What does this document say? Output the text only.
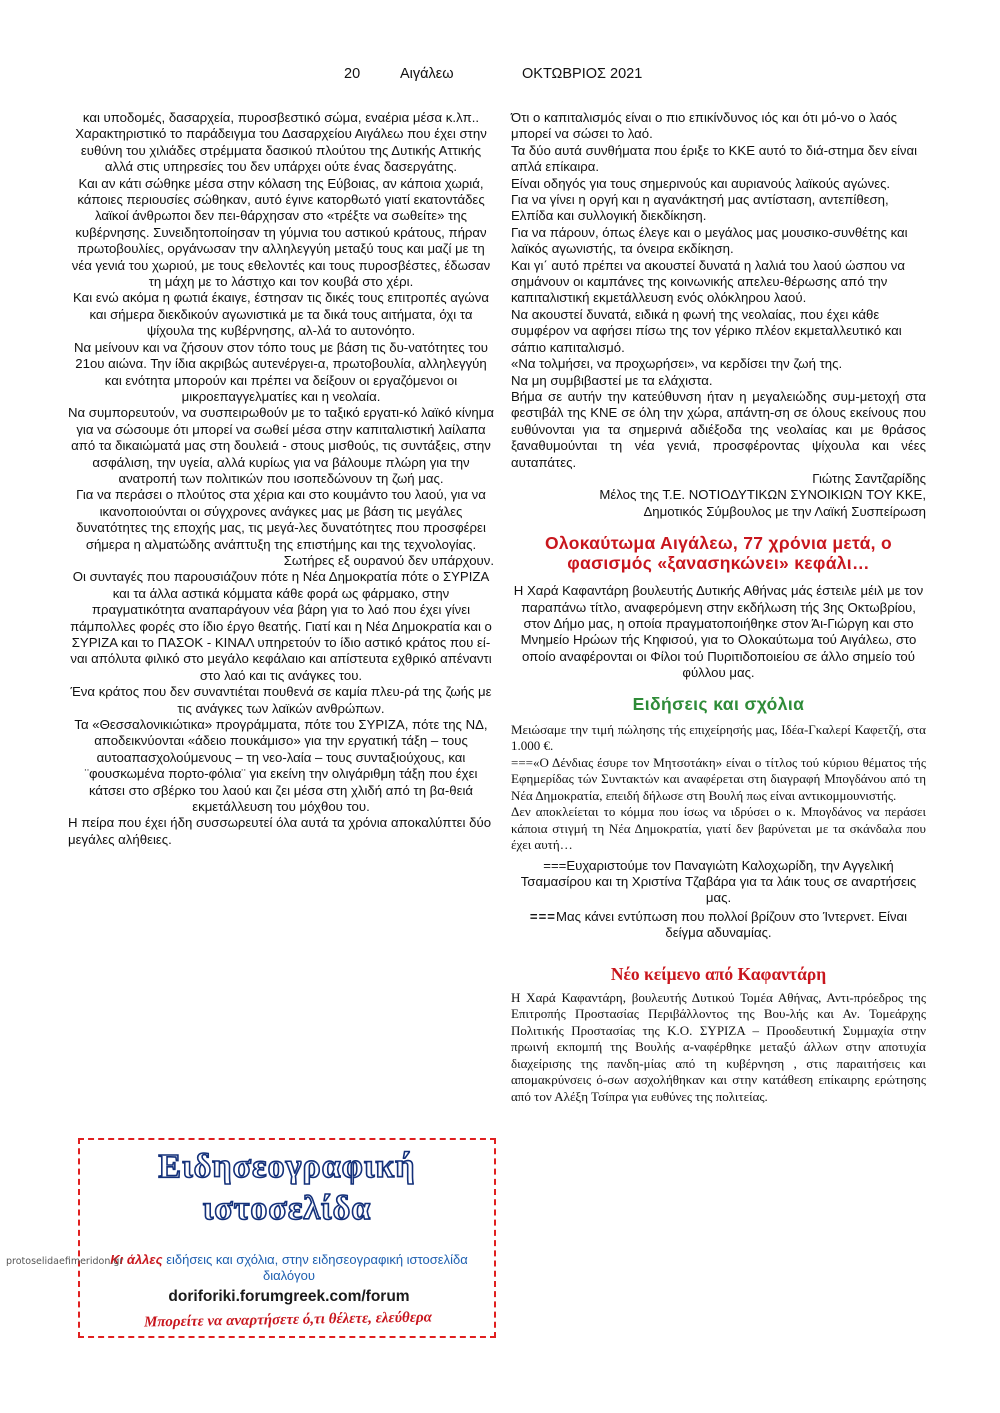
20	Αιγάλεω	ΟΚΤΩΒΡΙΟΣ 2021

και υποδομές, δασαρχεία, πυροσβεστικό σώμα, εναέρια μέσα κ.λπ..

Χαρακτηριστικό το παράδειγμα του Δασαρχείου Αιγάλεω που έχει στην ευθύνη του χιλιάδες στρέμματα δασικού πλούτου της Δυτικής Αττικής αλλά στις υπηρεσίες του δεν υπάρχει ούτε ένας δασεργάτης.

Και αν κάτι σώθηκε μέσα στην κόλαση της Εύβοιας, αν κάποια χωριά, κάποιες περιουσίες σώθηκαν, αυτό έγινε κατορθωτό γιατί εκατοντάδες λαϊκοί άνθρωποι δεν πει-θάρχησαν στο «τρέξτε να σωθείτε» της κυβέρνησης. Συνειδητοποίησαν τη γύμνια του αστικού κράτους, πήραν πρωτοβουλίες, οργάνωσαν την αλληλεγγύη μεταξύ τους και μαζί με τη νέα γενιά του χωριού, με τους εθελοντές και τους πυροσβέστες, έδωσαν τη μάχη με το λάστιχο και τον κουβά στο χέρι.

Και ενώ ακόμα η φωτιά έκαιγε, έστησαν τις δικές τους επιτροπές αγώνα και σήμερα διεκδικούν αγωνιστικά με τα δικά τους αιτήματα, όχι τα ψίχουλα της κυβέρνησης, αλ-λά το αυτονόητο.

Να μείνουν και να ζήσουν στον τόπο τους με βάση τις δυ-νατότητες του 21ου αιώνα. Την ίδια ακριβώς αυτενέργει-α, πρωτοβουλία, αλληλεγγύη και ενότητα μπορούν και πρέπει να δείξουν οι εργαζόμενοι οι μικροεπαγγελματίες και η νεολαία.

Να συμπορευτούν, να συσπειρωθούν με το ταξικό εργατι-κό λαϊκό κίνημα για να σώσουμε ότι μπορεί να σωθεί μέσα στην καπιταλιστική λαίλαπα από τα δικαιώματά μας στη δουλειά - στους μισθούς, τις συντάξεις, στην ασφάλιση, την υγεία, αλλά κυρίως για να βάλουμε πλώρη για την ανατροπή των πολιτικών που ισοπεδώνουν τη ζωή μας.

Για να περάσει ο πλούτος στα χέρια και στο κουμάντο του λαού, για να ικανοποιούνται οι σύγχρονες ανάγκες μας με βάση τις μεγάλες δυνατότητες της εποχής μας, τις μεγά-λες δυνατότητες που προσφέρει σήμερα η αλματώδης ανάπτυξη της επιστήμης και της τεχνολογίας.

Σωτήρες εξ ουρανού δεν υπάρχουν.

Οι συνταγές που παρουσιάζουν πότε η Νέα Δημοκρατία πότε ο ΣΥΡΙΖΑ και τα άλλα αστικά κόμματα κάθε φορά ως φάρμακο, στην πραγματικότητα αναπαράγουν νέα βάρη για το λαό που έχει γίνει πάμπολλες φορές στο ίδιο έργο θεατής. Γιατί και η Νέα Δημοκρατία και ο ΣΥΡΙΖΑ και το ΠΑΣΟΚ - ΚΙΝΑΛ υπηρετούν το ίδιο αστικό κράτος που εί-ναι απόλυτα φιλικό στο μεγάλο κεφάλαιο και απίστευτα εχθρικό απέναντι στο λαό και τις ανάγκες του.

Ένα κράτος που δεν συναντιέται πουθενά σε καμία πλευ-ρά της ζωής με τις ανάγκες των λαϊκών ανθρώπων.

Τα «Θεσσαλονικιώτικα» προγράμματα, πότε του ΣΥΡΙΖΑ, πότε της ΝΔ, αποδεικνύονται «άδειο πουκάμισο» για την εργατική τάξη – τους αυτοαπασχολούμενους – τη νεο-λαία – τους συνταξιούχους, και ¨φουσκωμένα πορτο-φόλια¨ για εκείνη την ολιγάριθμη τάξη που έχει κάτσει στο σβέρκο του λαού και ζει μέσα στη χλιδή από τη βα-θειά εκμετάλλευση του μόχθου του.

Η πείρα που έχει ήδη συσσωρευτεί όλα αυτά τα χρόνια αποκαλύπτει δύο μεγάλες αλήθειες.

Ότι ο καπιταλισμός είναι ο πιο επικίνδυνος ιός και ότι μό-νο ο λαός μπορεί να σώσει το λαό.

Τα δύο αυτά συνθήματα που έριξε το ΚΚΕ αυτό το διά-στημα δεν είναι απλά επίκαιρα.

Είναι οδηγός για τους σημερινούς και αυριανούς λαϊκούς αγώνες.

Για να γίνει η οργή και η αγανάκτησή μας αντίσταση, αντεπίθεση, Ελπίδα και συλλογική διεκδίκηση.

Για να πάρουν, όπως έλεγε και ο μεγάλος μας μουσικο-συνθέτης και λαϊκός αγωνιστής, τα όνειρα εκδίκηση.

Και γι΄ αυτό πρέπει να ακουστεί δυνατά η λαλιά του λαού ώσπου να σημάνουν οι καμπάνες της κοινωνικής απελευ-θέρωσης από την καπιταλιστική εκμετάλλευση ενός ολόκληρου λαού.

Να ακουστεί δυνατά, ειδικά η φωνή της νεολαίας, που έχει κάθε συμφέρον να αφήσει πίσω της τον γέρικο πλέον εκμεταλλευτικό και σάπιο καπιταλισμό.

«Να τολμήσει, να προχωρήσει», να κερδίσει την ζωή της.

Να μη συμβιβαστεί με τα ελάχιστα.

Βήμα σε αυτήν την κατεύθυνση ήταν η μεγαλειώδης συμ-μετοχή στα φεστιβάλ της ΚΝΕ σε όλη την χώρα, απάντη-ση σε όλους εκείνους που ευθύνονται για τα σημερινά αδιέξοδα της νεολαίας και με θράσος ξαναθυμούνται τη νέα γενιά, προσφέροντας ψίχουλα και νέες αυταπάτες.

Γιώτης Σαντζαρίδης

Μέλος της Τ.Ε. ΝΟΤΙΟΔΥΤΙΚΩΝ ΣΥΝΟΙΚΙΩΝ ΤΟΥ ΚΚΕ,

Δημοτικός Σύμβουλος με την Λαϊκή Συσπείρωση

Ολοκαύτωμα Αιγάλεω, 77 χρόνια μετά, ο φασισμός «ξανασηκώνει» κεφάλι…

Η Χαρά Καφαντάρη βουλευτής Δυτικής Αθήνας μάς έστειλε μέιλ με τον παραπάνω τίτλο, αναφερόμενη στην εκδήλωση τής 3ης Οκτωβρίου, στον Δήμο μας, η οποία πραγματοποιήθηκε στον Άι-Γιώργη και στο Μνημείο Ηρώων τής Κηφισού, για το Ολοκαύτωμα τού Αιγάλεω, στο οποίο αναφέρονται οι Φίλοι τού Πυριτιδοποιείου σε άλλο σημείο τού φύλλου μας.

Ειδήσεις και σχόλια

Μειώσαμε την τιμή πώλησης τής επιχείρησής μας, Ιδέα-Γκαλερί Καφετζή, στα 1.000 €.

===«Ο Δένδιας έσυρε τον Μητσοτάκη» είναι ο τίτλος τού κύριου θέματος τής Εφημερίδας τών Συντακτών και αναφέρεται στη διαγραφή Μπογδάνου από τη Νέα Δημοκρατία, επειδή δήλωσε στη Βουλή πως είναι αντικομμουνιστής.

Δεν αποκλείεται το κόμμα που ίσως να ιδρύσει ο κ. Μπογδάνος να περάσει κάποια στιγμή τη Νέα Δημοκρατία, γιατί δεν βαρύνεται με τα σκάνδαλα που έχει αυτή…

===Ευχαριστούμε τον Παναγιώτη Καλοχωρίδη, την Αγγελική Τσαμασίρου και τη Χριστίνα Τζαβάρα για τα λάικ τους σε αναρτήσεις μας.

===Μας κάνει εντύπωση που πολλοί βρίζουν στο Ίντερνετ. Είναι δείγμα αδυναμίας.

Νέο κείμενο από Καφαντάρη

Η Χαρά Καφαντάρη, βουλευτής Δυτικού Τομέα Αθήνας, Αντι-πρόεδρος της Επιτροπής Προστασίας Περιβάλλοντος της Βου-λής και Αν. Τομεάρχης Πολιτικής Προστασίας της Κ.Ο. ΣΥΡΙΖΑ – Προοδευτική Συμμαχία στην πρωινή εκπομπή της Βουλής α-ναφέρθηκε μεταξύ άλλων στην αποτυχία διαχείρισης της πανδη-μίας από τη κυβέρνηση , στις παραιτήσεις και απομακρύνσεις ό-σων ασχολήθηκαν και στην κατάθεση επίκαιρης ερώτησης από τον Αλέξη Τσίπρα για ευθύνες της πολιτείας.

Ειδησεογραφική
ιστοσελίδα
Κι άλλες ειδήσεις και σχόλια, στην ειδησεογραφική ιστοσελίδα διαλόγου
doriforiki.forumgreek.com/forum
Μπορείτε να αναρτήσετε ό,τι θέλετε, ελεύθερα
protoselidaefimeridon.gr
